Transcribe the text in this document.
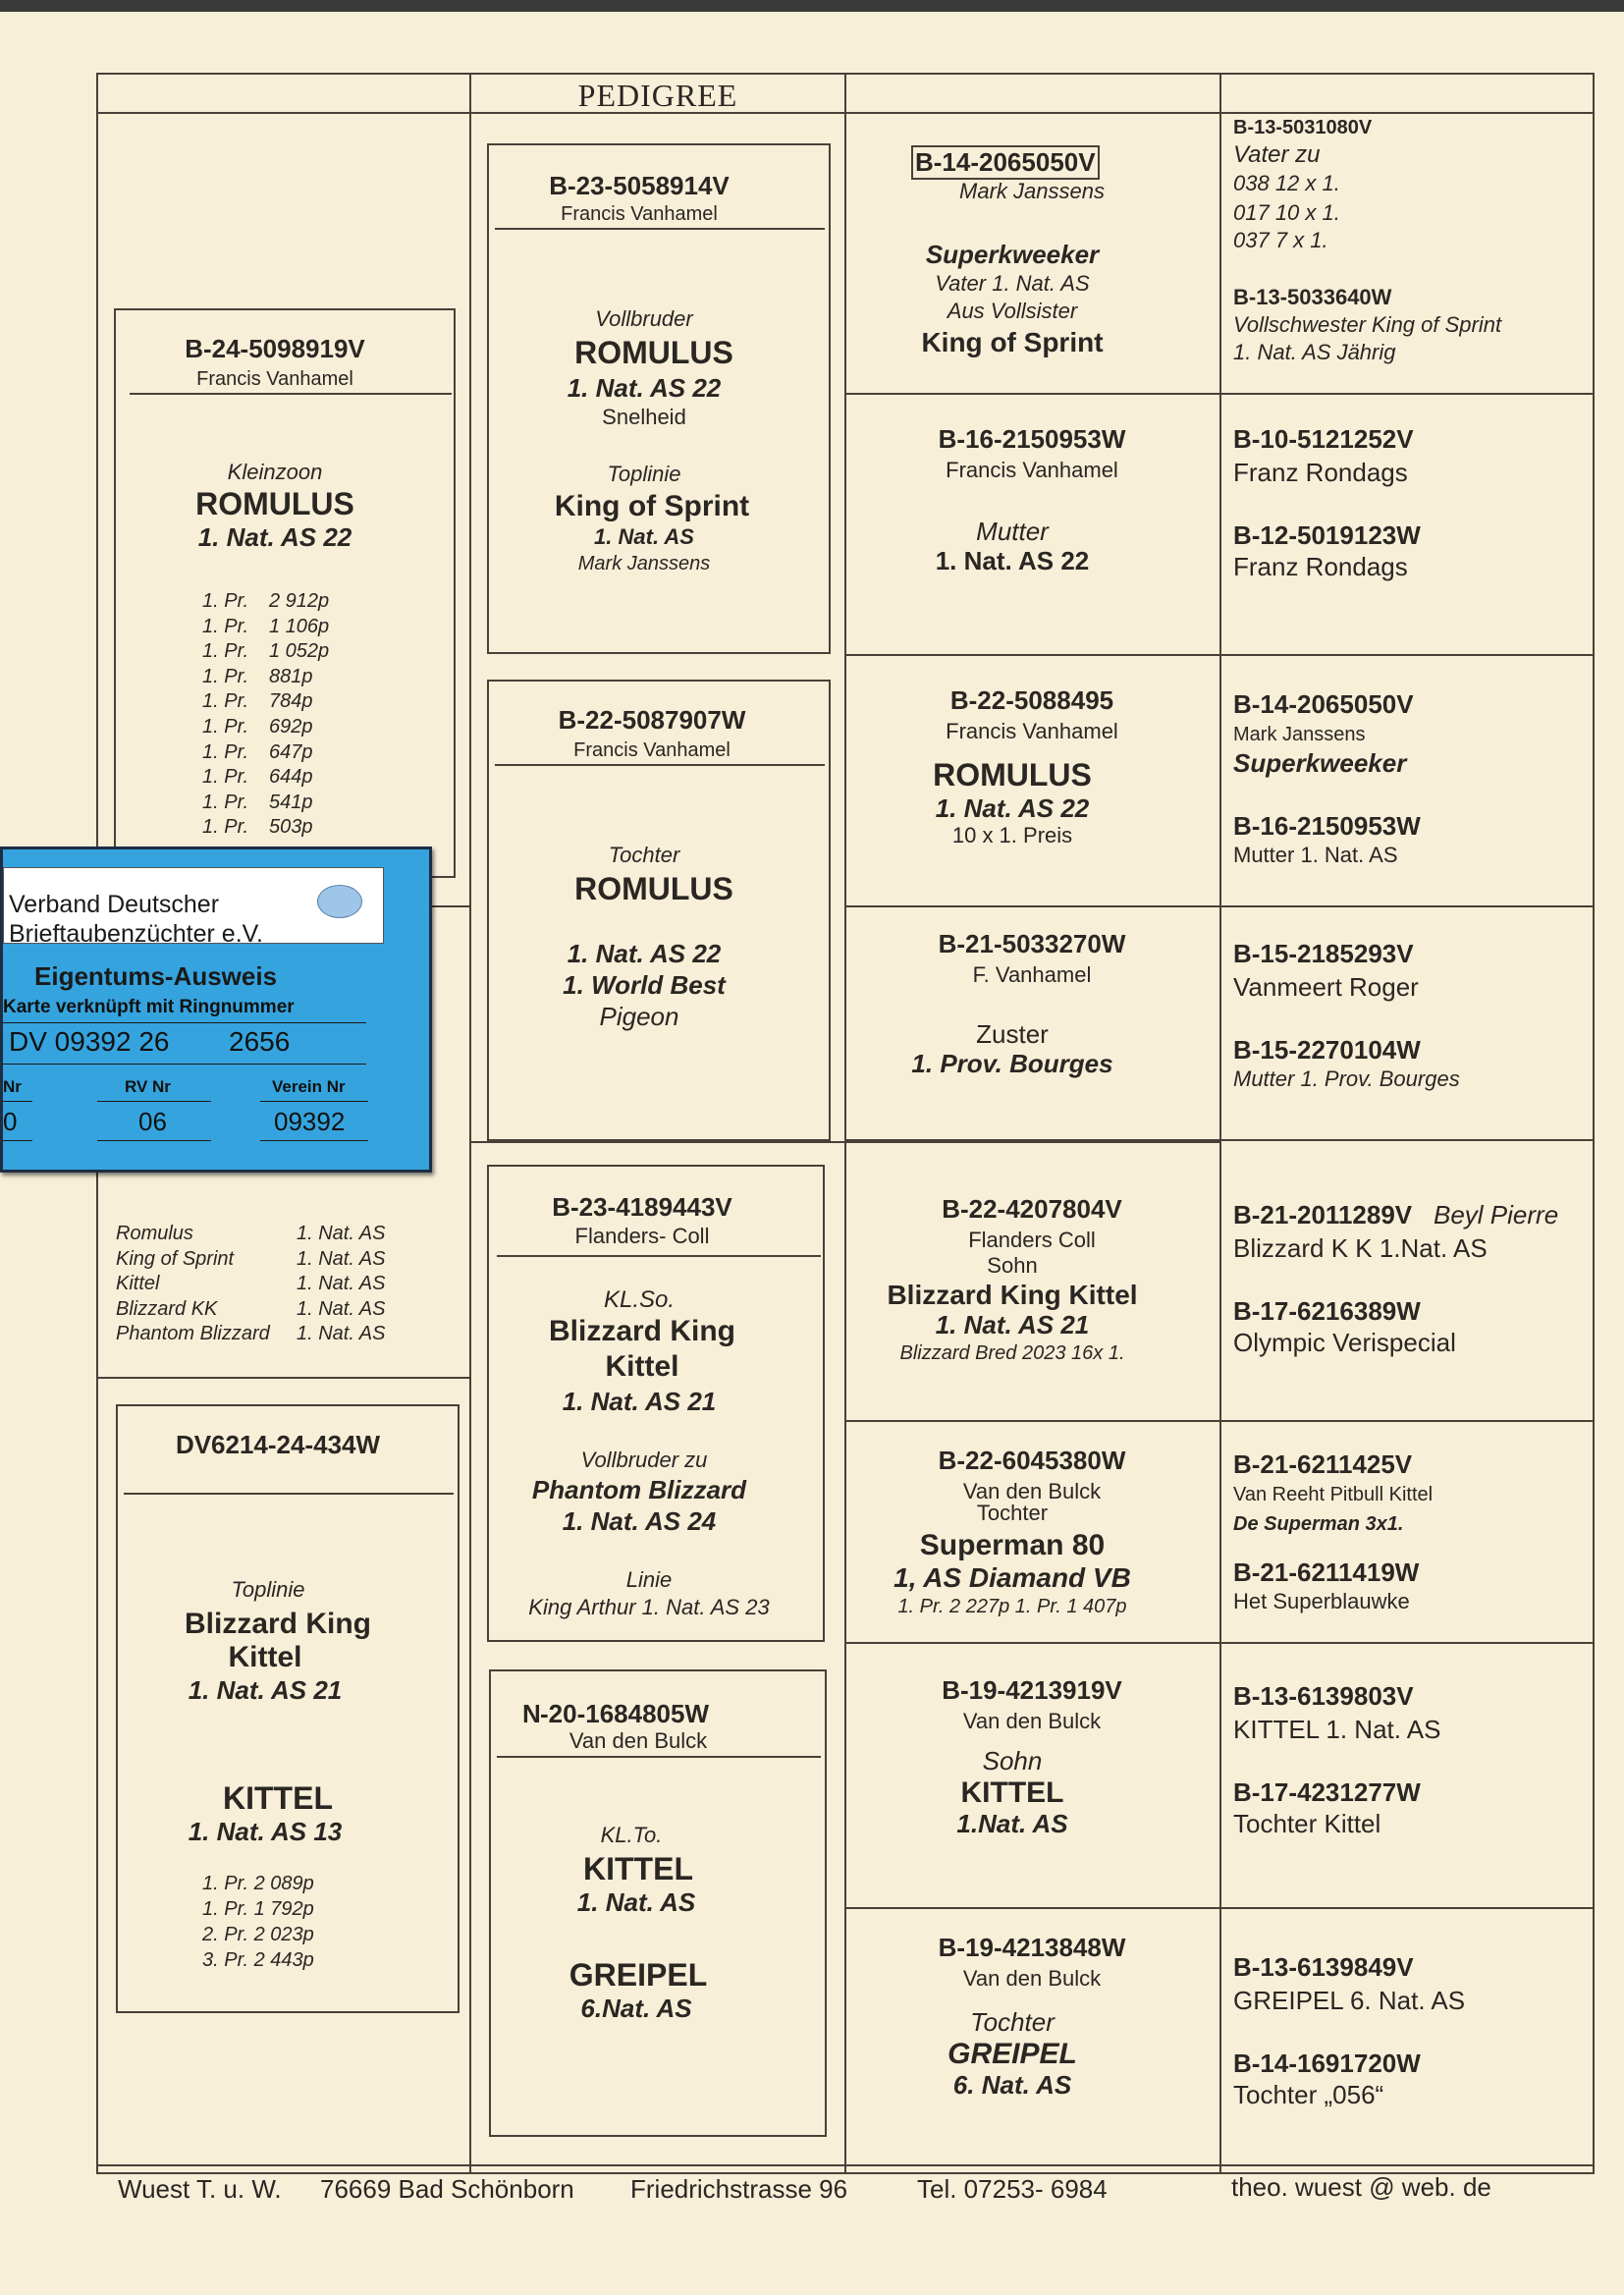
PEDIGREE
B-24-5098919V
Francis Vanhamel
Kleinzoon
ROMULUS
1. Nat. AS 22
1. Pr. 2 912p
1. Pr. 1 106p
1. Pr. 1 052p
1. Pr. 881p
1. Pr. 784p
1. Pr. 692p
1. Pr. 647p
1. Pr. 644p
1. Pr. 541p
1. Pr. 503p
Romulus	1. Nat. AS
King of Sprint	1. Nat. AS
Kittel	1. Nat. AS
Blizzard KK	1. Nat. AS
Phantom Blizzard 1. Nat. AS
DV6214-24-434W
Toplinie
Blizzard King
Kittel
1. Nat. AS 21
KITTEL
1. Nat. AS 13
1. Pr. 2 089p
1. Pr. 1 792p
2. Pr. 2 023p
3. Pr. 2 443p
Verband Deutscher
Brieftaubenzüchter e.V.
Eigentums-Ausweis
Karte verknüpft mit Ringnummer
DV 09392 26 2656
Nr	RV Nr	Verein Nr
0	06	09392
B-23-5058914V
Francis Vanhamel
Vollbruder
ROMULUS
1. Nat. AS 22
Snelheid
Toplinie
King of Sprint
1. Nat. AS
Mark Janssens
B-22-5087907W
Francis Vanhamel
Tochter
ROMULUS
1. Nat. AS 22
1. World Best
Pigeon
B-23-4189443V
Flanders- Coll
KL.So.
Blizzard King
Kittel
1. Nat. AS 21
Vollbruder zu
Phantom Blizzard
1. Nat. AS 24
Linie
King Arthur 1. Nat. AS 23
N -20-1684805W
Van den Bulck
KL.To.
KITTEL
1. Nat. AS
GREIPEL
6.Nat. AS
B-14-2065050V
Mark Janssens
Superkweeker
Vater 1. Nat. AS
Aus Vollsister
King of Sprint
B-16-2150953W
Francis Vanhamel
Mutter
1. Nat. AS 22
B-22-5088495
Francis Vanhamel
ROMULUS
1. Nat. AS 22
10 x 1. Preis
B-21-5033270W
F. Vanhamel
Zuster
1. Prov. Bourges
B-22-4207804V
Flanders Coll
Sohn
Blizzard King Kittel
1. Nat. AS 21
Blizzard Bred 2023 16x 1.
B-22-6045380W
Van den Bulck
Tochter
Superman 80
1, AS Diamand VB
1. Pr. 2 227p 1. Pr. 1 407p
B-19-4213919V
Van den Bulck
Sohn
KITTEL
1.Nat. AS
B-19-4213848W
Van den Bulck
Tochter
GREIPEL
6. Nat. AS
B-13-5031080V
Vater zu
038 12 x 1.
017 10 x 1.
037 7 x 1.
B-13-5033640W
Vollschwester King of Sprint
1. Nat. AS Jährig
B-10-5121252V
Franz Rondags
B-12-5019123W
Franz Rondags
B-14-2065050V
Mark Janssens
Superkweeker
B-16-2150953W
Mutter 1. Nat. AS
B-15-2185293V
Vanmeert Roger
B-15-2270104W
Mutter 1. Prov. Bourges
B-21-2011289V Beyl Pierre
Blizzard K K 1.Nat. AS
B-17-6216389W
Olympic Verispecial
B-21-6211425V
Van Reeht Pitbull Kittel
De Superman 3x1.
B-21-6211419W
Het Superblauwke
B-13-6139803V
KITTEL 1. Nat. AS
B-17-4231277W
Tochter Kittel
B-13-6139849V
GREIPEL 6. Nat. AS
B-14-1691720W
Tochter „056“
Wuest T. u. W. 76669 Bad Schönborn Friedrichstrasse 96	Tel. 07253- 6984	theo. wuest @ web. de
